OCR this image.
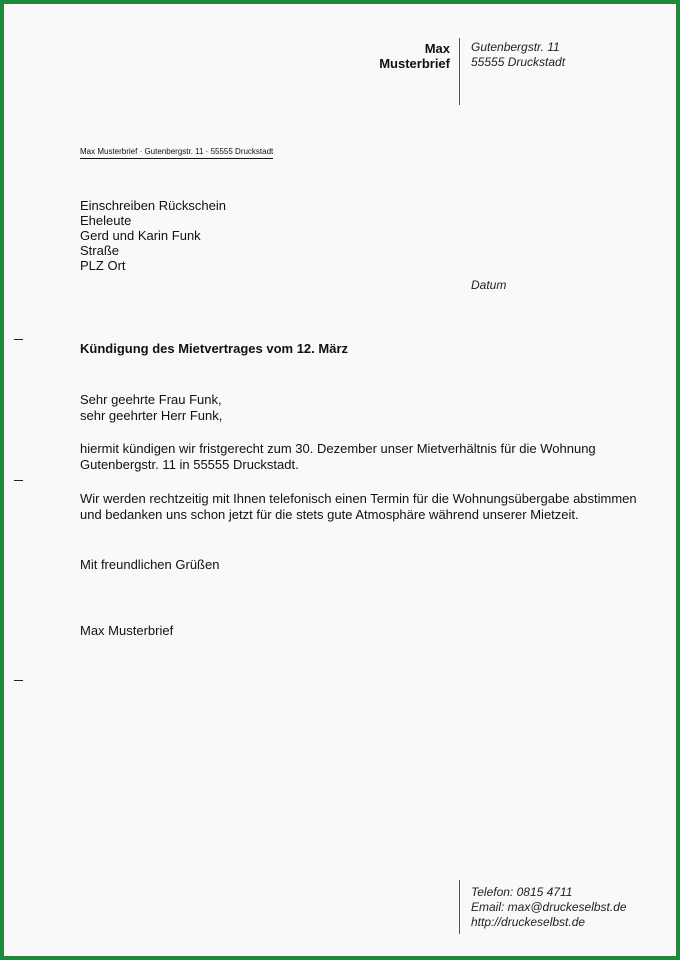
Max
Musterbrief
Gutenbergstr. 11
55555 Druckstadt
Max Musterbrief · Gutenbergstr. 11 · 55555 Druckstadt
Einschreiben Rückschein
Eheleute
Gerd und Karin Funk
Straße
PLZ Ort
Datum
Kündigung des Mietvertrages vom 12. März
Sehr geehrte Frau Funk,
sehr geehrter Herr Funk,
hiermit kündigen wir fristgerecht zum 30. Dezember unser Mietverhältnis für die Wohnung Gutenbergstr. 11 in 55555 Druckstadt.
Wir werden rechtzeitig mit Ihnen telefonisch einen Termin für die Wohnungsübergabe abstimmen und bedanken uns schon jetzt für die stets gute Atmosphäre während unserer Mietzeit.
Mit freundlichen Grüßen
Max Musterbrief
Telefon: 0815 4711
Email: max@druckeselbst.de
http://druckeselbst.de
